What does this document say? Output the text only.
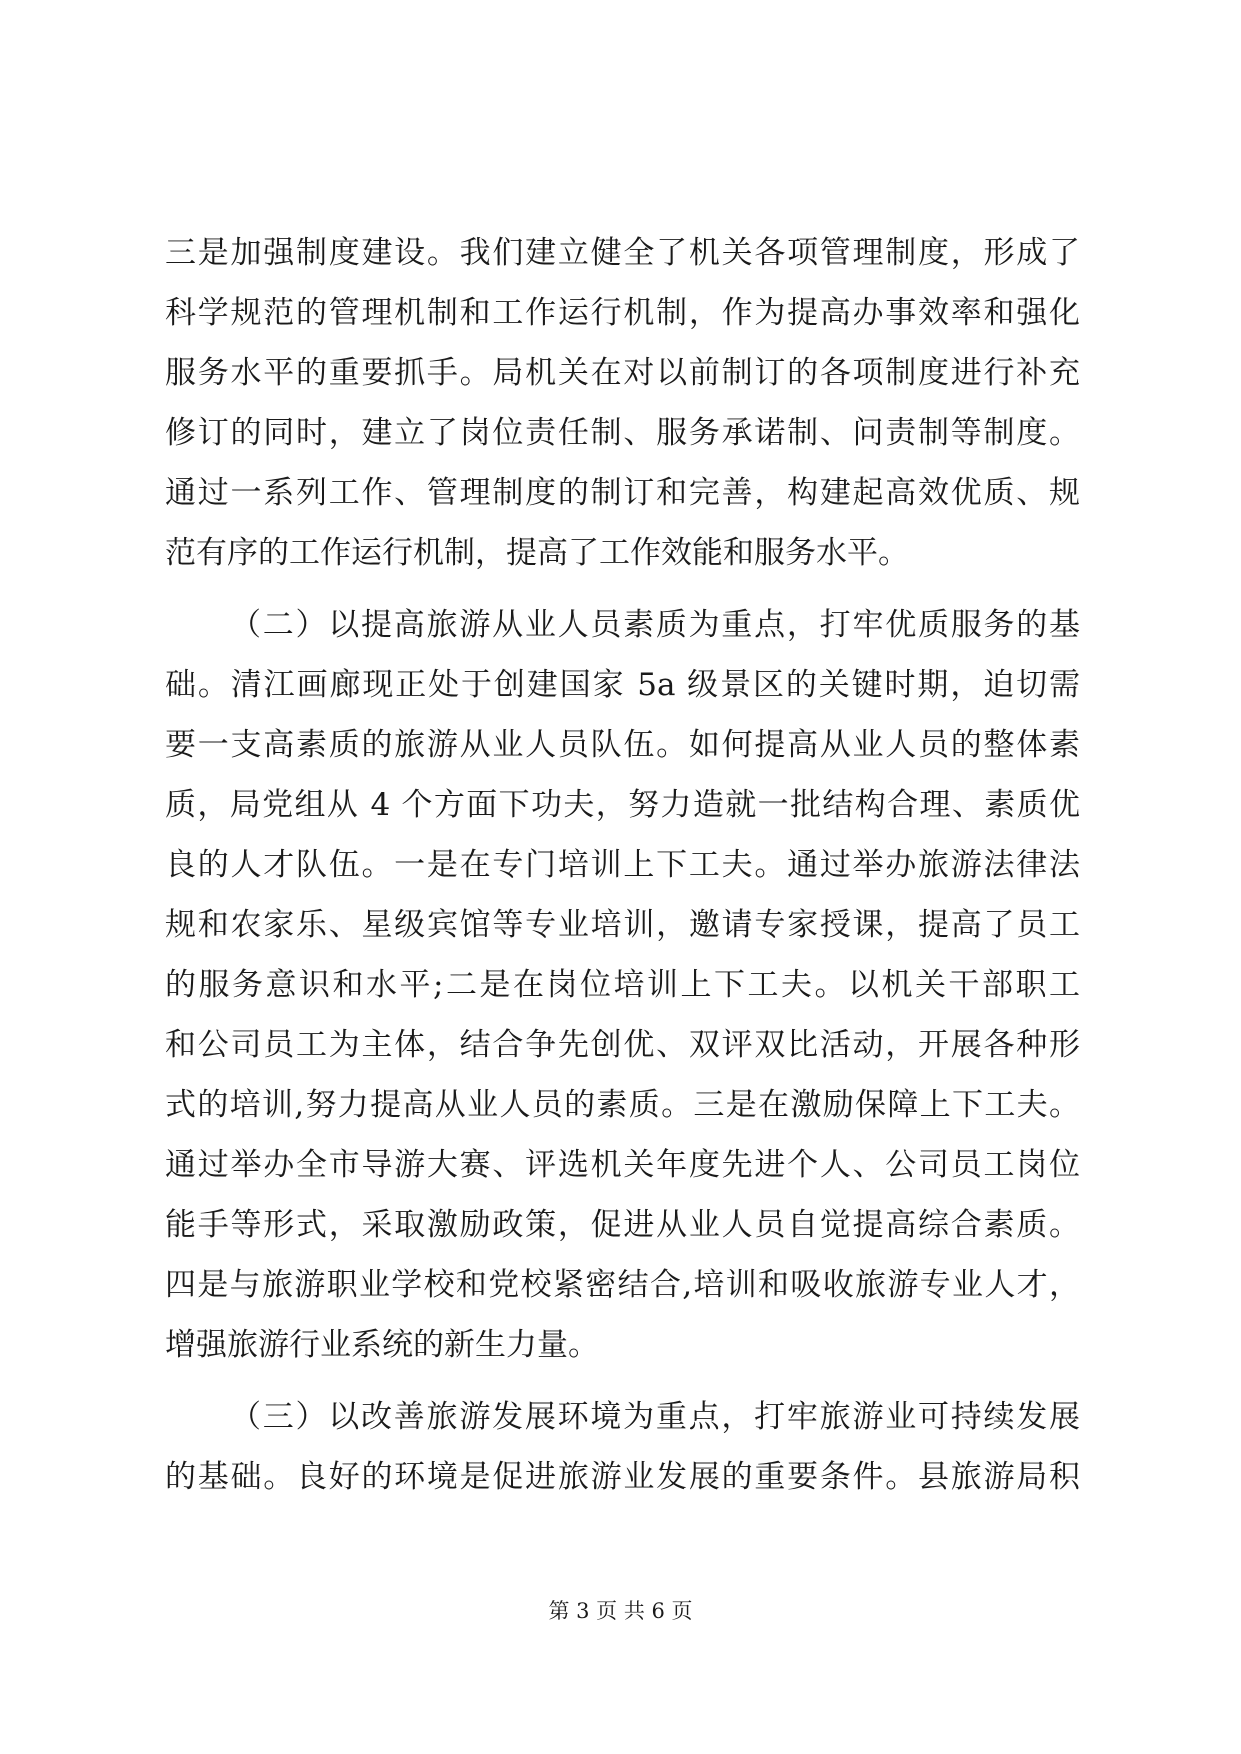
三是加强制度建设。我们建立健全了机关各项管理制度，形成了
科学规范的管理机制和工作运行机制，作为提高办事效率和强化
服务水平的重要抓手。局机关在对以前制订的各项制度进行补充
修订的同时，建立了岗位责任制、服务承诺制、问责制等制度。
通过一系列工作、管理制度的制订和完善，构建起高效优质、规
范有序的工作运行机制，提高了工作效能和服务水平。
（二）以提高旅游从业人员素质为重点，打牢优质服务的基
础。清江画廊现正处于创建国家 5a 级景区的关键时期，迫切需
要一支高素质的旅游从业人员队伍。如何提高从业人员的整体素
质，局党组从 4 个方面下功夫，努力造就一批结构合理、素质优
良的人才队伍。一是在专门培训上下工夫。通过举办旅游法律法
规和农家乐、星级宾馆等专业培训，邀请专家授课，提高了员工
的服务意识和水平;二是在岗位培训上下工夫。以机关干部职工
和公司员工为主体，结合争先创优、双评双比活动，开展各种形
式的培训,努力提高从业人员的素质。三是在激励保障上下工夫。
通过举办全市导游大赛、评选机关年度先进个人、公司员工岗位
能手等形式，采取激励政策，促进从业人员自觉提高综合素质。
四是与旅游职业学校和党校紧密结合,培训和吸收旅游专业人才，
增强旅游行业系统的新生力量。
（三）以改善旅游发展环境为重点，打牢旅游业可持续发展
的基础。良好的环境是促进旅游业发展的重要条件。县旅游局积
第 3 页 共 6 页
